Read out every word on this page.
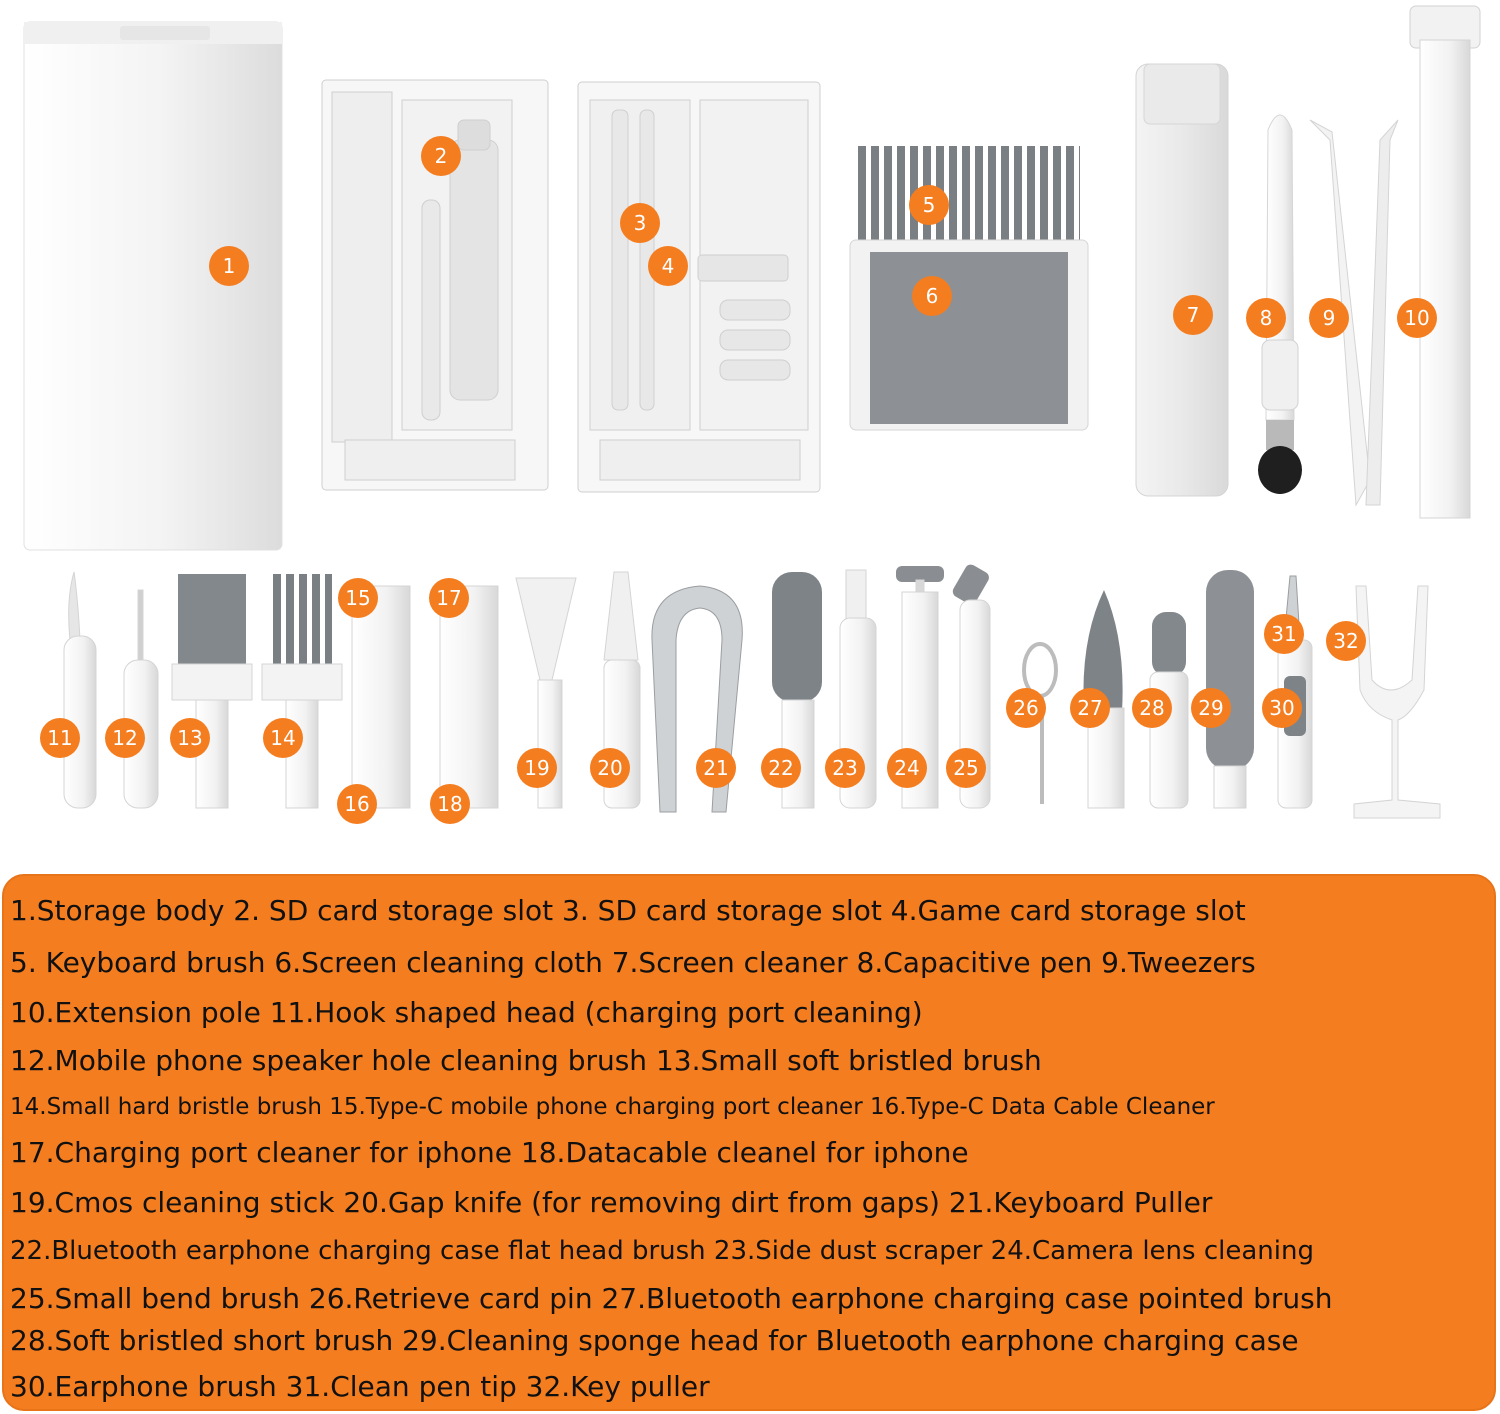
1
2
3
4
5
6
7	8	9	10
11 12 13	14
15
16
17
18
19 20	21 22 23 24 25
26 27 28 29 30
31 32
1.Storage body 2. SD card storage slot 3. SD card storage slot 4.Game card storage slot
5. Keyboard brush 6.Screen cleaning cloth 7.Screen cleaner 8.Capacitive pen 9.Tweezers
10.Extension pole 11.Hook shaped head (charging port cleaning)
12.Mobile phone speaker hole cleaning brush 13.Small soft bristled brush
14.Small hard bristle brush 15.Type-C mobile phone charging port cleaner 16.Type-C Data Cable Cleaner
17.Charging port cleaner for iphone 18.Datacable cleanel for iphone
19.Cmos cleaning stick 20.Gap knife (for removing dirt from gaps) 21.Keyboard Puller
22.Bluetooth earphone charging case flat head brush 23.Side dust scraper 24.Camera lens cleaning
25.Small bend brush 26.Retrieve card pin 27.Bluetooth earphone charging case pointed brush
28.Soft bristled short brush 29.Cleaning sponge head for Bluetooth earphone charging case
30.Earphone brush 31.Clean pen tip 32.Key puller
